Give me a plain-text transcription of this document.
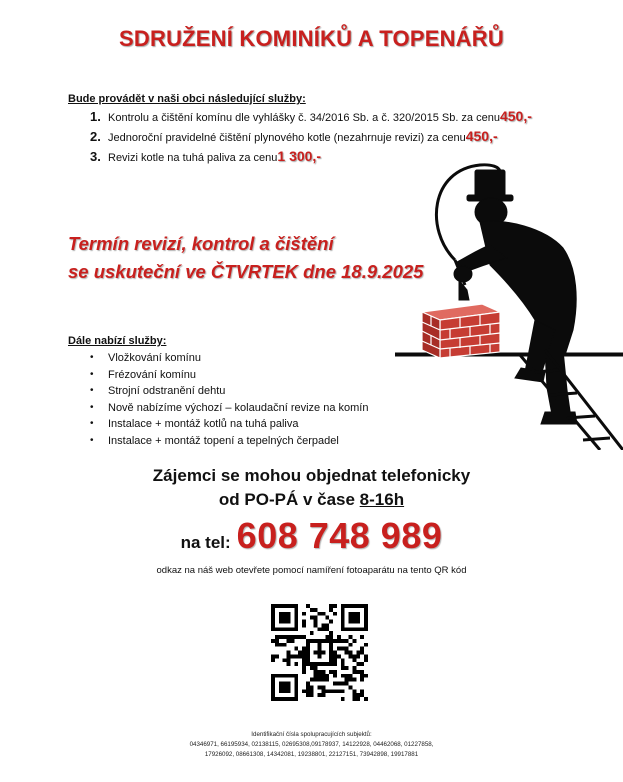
SDRUŽENÍ KOMINÍKŮ A TOPENÁŘŮ
Bude provádět v naši obci následující služby:
1. Kontrolu a čištění komínu dle vyhlášky č. 34/2016 Sb. a č. 320/2015 Sb. za cenu 450,-
2. Jednoroční pravidelné čištění plynového kotle (nezahrnuje revizi) za cenu 450,-
3. Revizi kotle na tuhá paliva za cenu 1 300,-
Termín revizí, kontrol a čištění
se uskuteční ve ČTVRTEK dne 18.9.2025
Dále nabízí služby:
•	Vložkování komínu
•	Frézování komínu
•	Strojní odstranění dehtu
•	Nově nabízíme výchozí – kolaudační revize na komín
•	Instalace + montáž kotlů na tuhá paliva
•	Instalace + montáž topení a tepelných čerpadel
Zájemci se mohou objednat telefonicky
od PO-PÁ v čase 8-16h
na tel: 608 748 989
odkaz na náš web otevřete pomocí namíření fotoaparátu na tento QR kód
Identifikační čísla spolupracujících subjektů:
04346971, 66195934, 02138115, 02695308,09178937, 14122928, 04462068, 01227858,
17926092, 08661308, 14342081, 19238801, 22127151, 73942898, 19917881
